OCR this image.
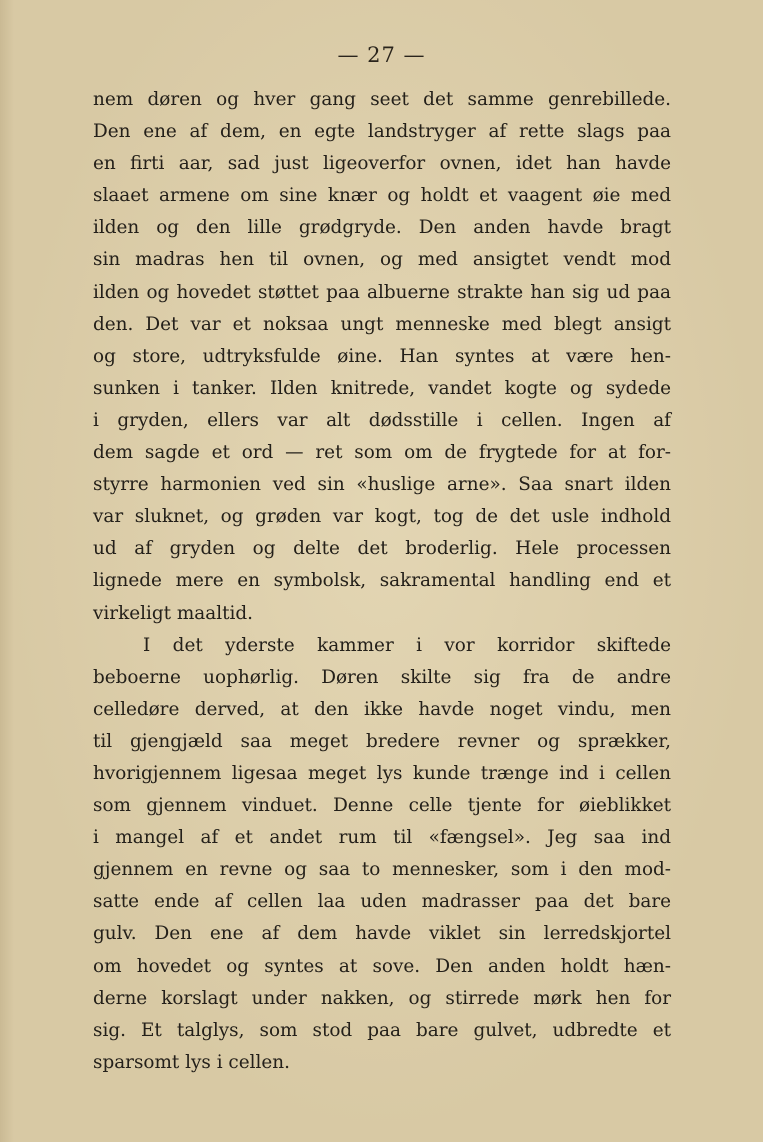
— 27 —
nem døren og hver gang seet det samme genrebillede.
Den ene af dem, en egte landstryger af rette slags paa
en firti aar, sad just ligeoverfor ovnen, idet han havde
slaaet armene om sine knær og holdt et vaagent øie med
ilden og den lille grødgryde. Den anden havde bragt
sin madras hen til ovnen, og med ansigtet vendt mod
ilden og hovedet støttet paa albuerne strakte han sig ud paa
den. Det var et noksaa ungt menneske med blegt ansigt
og store, udtryksfulde øine. Han syntes at være hen-
sunken i tanker. Ilden knitrede, vandet kogte og sydede
i gryden, ellers var alt dødsstille i cellen. Ingen af
dem sagde et ord — ret som om de frygtede for at for-
styrre harmonien ved sin «huslige arne». Saa snart ilden
var sluknet, og grøden var kogt, tog de det usle indhold
ud af gryden og delte det broderlig. Hele processen
lignede mere en symbolsk, sakramental handling end et
virkeligt maaltid.
I det yderste kammer i vor korridor skiftede
beboerne uophørlig. Døren skilte sig fra de andre
celledøre derved, at den ikke havde noget vindu, men
til gjengjæld saa meget bredere revner og sprækker,
hvorigjennem ligesaa meget lys kunde trænge ind i cellen
som gjennem vinduet. Denne celle tjente for øieblikket
i mangel af et andet rum til «fængsel». Jeg saa ind
gjennem en revne og saa to mennesker, som i den mod-
satte ende af cellen laa uden madrasser paa det bare
gulv. Den ene af dem havde viklet sin lerredskjortel
om hovedet og syntes at sove. Den anden holdt hæn-
derne korslagt under nakken, og stirrede mørk hen for
sig. Et talglys, som stod paa bare gulvet, udbredte et
sparsomt lys i cellen.
